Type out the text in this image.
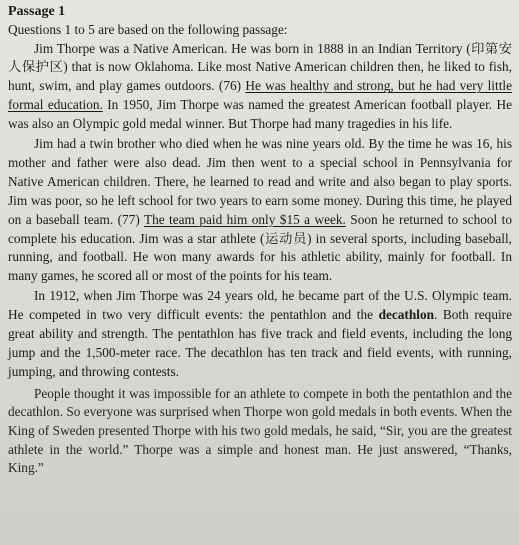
Passage 1

Questions 1 to 5 are based on the following passage:

Jim Thorpe was a Native American. He was born in 1888 in an Indian Territory (印第安人保护区) that is now Oklahoma. Like most Native American children then, he liked to fish, hunt, swim, and play games outdoors. (76) He was healthy and strong, but he had very little formal education. In 1950, Jim Thorpe was named the greatest American football player. He was also an Olympic gold medal winner. But Thorpe had many tragedies in his life.

Jim had a twin brother who died when he was nine years old. By the time he was 16, his mother and father were also dead. Jim then went to a special school in Pennsylvania for Native American children. There, he learned to read and write and also began to play sports. Jim was poor, so he left school for two years to earn some money. During this time, he played on a baseball team. (77) The team paid him only $15 a week. Soon he returned to school to complete his education. Jim was a star athlete (运动员) in several sports, including baseball, running, and football. He won many awards for his athletic ability, mainly for football. In many games, he scored all or most of the points for his team.

In 1912, when Jim Thorpe was 24 years old, he became part of the U.S. Olympic team. He competed in two very difficult events: the pentathlon and the decathlon. Both require great ability and strength. The pentathlon has five track and field events, including the long jump and the 1,500-meter race. The decathlon has ten track and field events, with running, jumping, and throwing contests.

People thought it was impossible for an athlete to compete in both the pentathlon and the decathlon. So everyone was surprised when Thorpe won gold medals in both events. When the King of Sweden presented Thorpe with his two gold medals, he said, “Sir, you are the greatest athlete in the world.” Thorpe was a simple and honest man. He just answered, “Thanks, King.”
